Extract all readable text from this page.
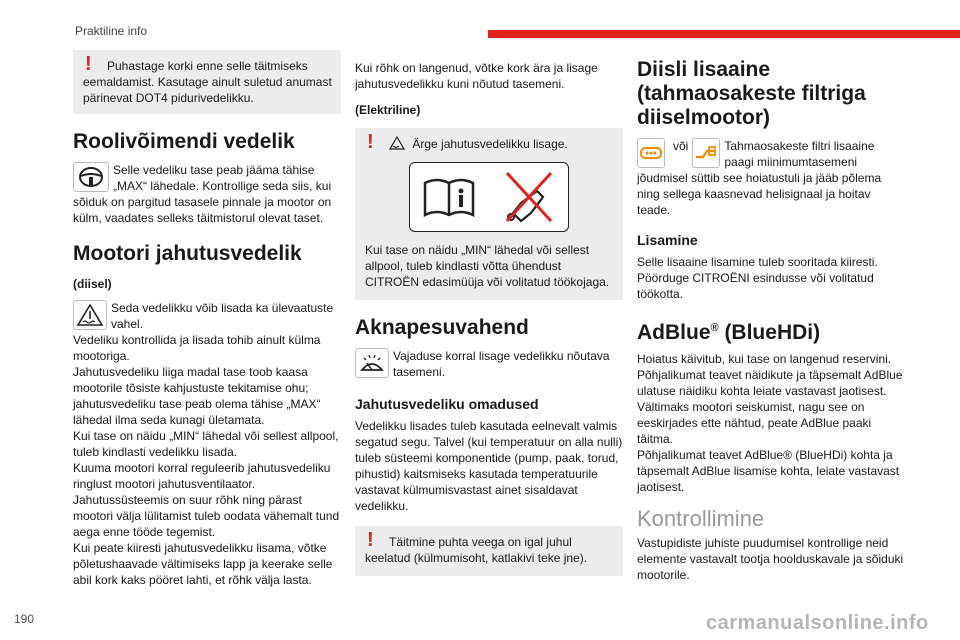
Praktiline info
!	Puhastage korki enne selle täitmiseks eemaldamist. Kasutage ainult suletud anumast pärinevat DOT4 pidurivedelikku.
Roolivõimendi vedelik
Selle vedeliku tase peab jääma tähise „MAX“ lähedale. Kontrollige seda siis, kui sõiduk on pargitud tasasele pinnale ja mootor on külm, vaadates selleks täitmistorul olevat taset.
Mootori jahutusvedelik
(diisel)
Seda vedelikku võib lisada ka ülevaatuste
vahel.
Vedeliku kontrollida ja lisada tohib ainult külma mootoriga.
Jahutusvedeliku liiga madal tase toob kaasa mootorile tõsiste kahjustuste tekitamise ohu; jahutusvedeliku tase peab olema tähise „MAX“ lähedal ilma seda kunagi ületamata.
Kui tase on näidu „MIN“ lähedal või sellest allpool, tuleb kindlasti vedelikku lisada.
Kuuma mootori korral reguleerib jahutusvedeliku ringlust mootori jahutusventilaator.
Jahutussüsteemis on suur rõhk ning pärast mootori välja lülitamist tuleb oodata vähemalt tund aega enne tööde tegemist.
Kui peate kiiresti jahutusvedelikku lisama, võtke põletushaavade vältimiseks lapp ja keerake selle abil kork kaks pööret lahti, et rõhk välja lasta.
Kui rõhk on langenud, võtke kork ära ja lisage jahutusvedelikku kuni nõutud tasemeni.
(Elektriline)
!	Ärge jahutusvedelikku lisage.
Kui tase on näidu „MIN“ lähedal või sellest allpool, tuleb kindlasti võtta ühendust CITROËN edasimüüja või volitatud töökojaga.
Aknapesuvahend
Vajaduse korral lisage vedelikku nõutava tasemeni.
Jahutusvedeliku omadused
Vedelikku lisades tuleb kasutada eelnevalt valmis segatud segu. Talvel (kui temperatuur on alla nulli) tuleb süsteemi komponentide (pump, paak, torud, pihustid) kaitsmiseks kasutada temperatuurile vastavat külmumisvastast ainet sisaldavat vedelikku.
!	Täitmine puhta veega on igal juhul keelatud (külmumisoht, katlakivi teke jne).
Diisli lisaaine (tahmaosakeste filtriga diiselmootor)
või	Tahmaosakeste filtri lisaaine paagi miinimumtasemeni
jõudmisel süttib see hoiatustuli ja jääb põlema ning sellega kaasnevad helisignaal ja hoitav teade.
Lisamine
Selle lisaaine lisamine tuleb sooritada kiiresti. Pöörduge CITROËNI esindusse või volitatud töökotta.
AdBlue® (BlueHDi)
Hoiatus käivitub, kui tase on langenud reservini.
Põhjalikumat teavet näidikute ja täpsemalt AdBlue ulatuse näidiku kohta leiate vastavast jaotisest.
Vältimaks mootori seiskumist, nagu see on eeskirjades ette nähtud, peate AdBlue paaki täitma.
Põhjalikumat teavet AdBlue® (BlueHDi) kohta ja täpsemalt AdBlue lisamise kohta, leiate vastavast jaotisest.
Kontrollimine
Vastupidiste juhiste puudumisel kontrollige neid elemente vastavalt tootja hoolduskavale ja sõiduki mootorile.
190	carmanualsonline.info
